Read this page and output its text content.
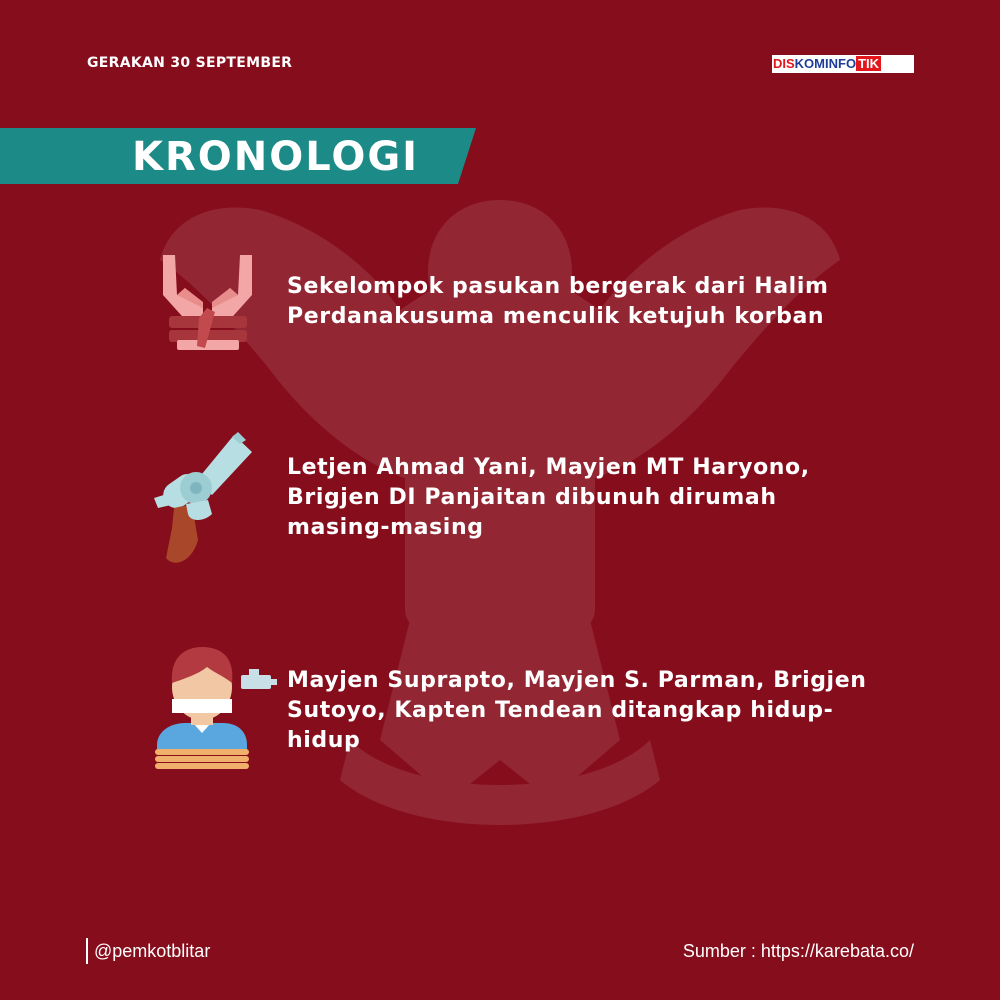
GERAKAN 30 SEPTEMBER	DISKOMINFO TIK
KRONOLOGI
Sekelompok pasukan bergerak dari Halim Perdanakusuma menculik ketujuh korban
Letjen Ahmad Yani, Mayjen MT Haryono, Brigjen DI Panjaitan dibunuh dirumah masing-masing
Mayjen Suprapto, Mayjen S. Parman, Brigjen Sutoyo, Kapten Tendean ditangkap hidup-hidup
@pemkotblitar	Sumber : https://karebata.co/
